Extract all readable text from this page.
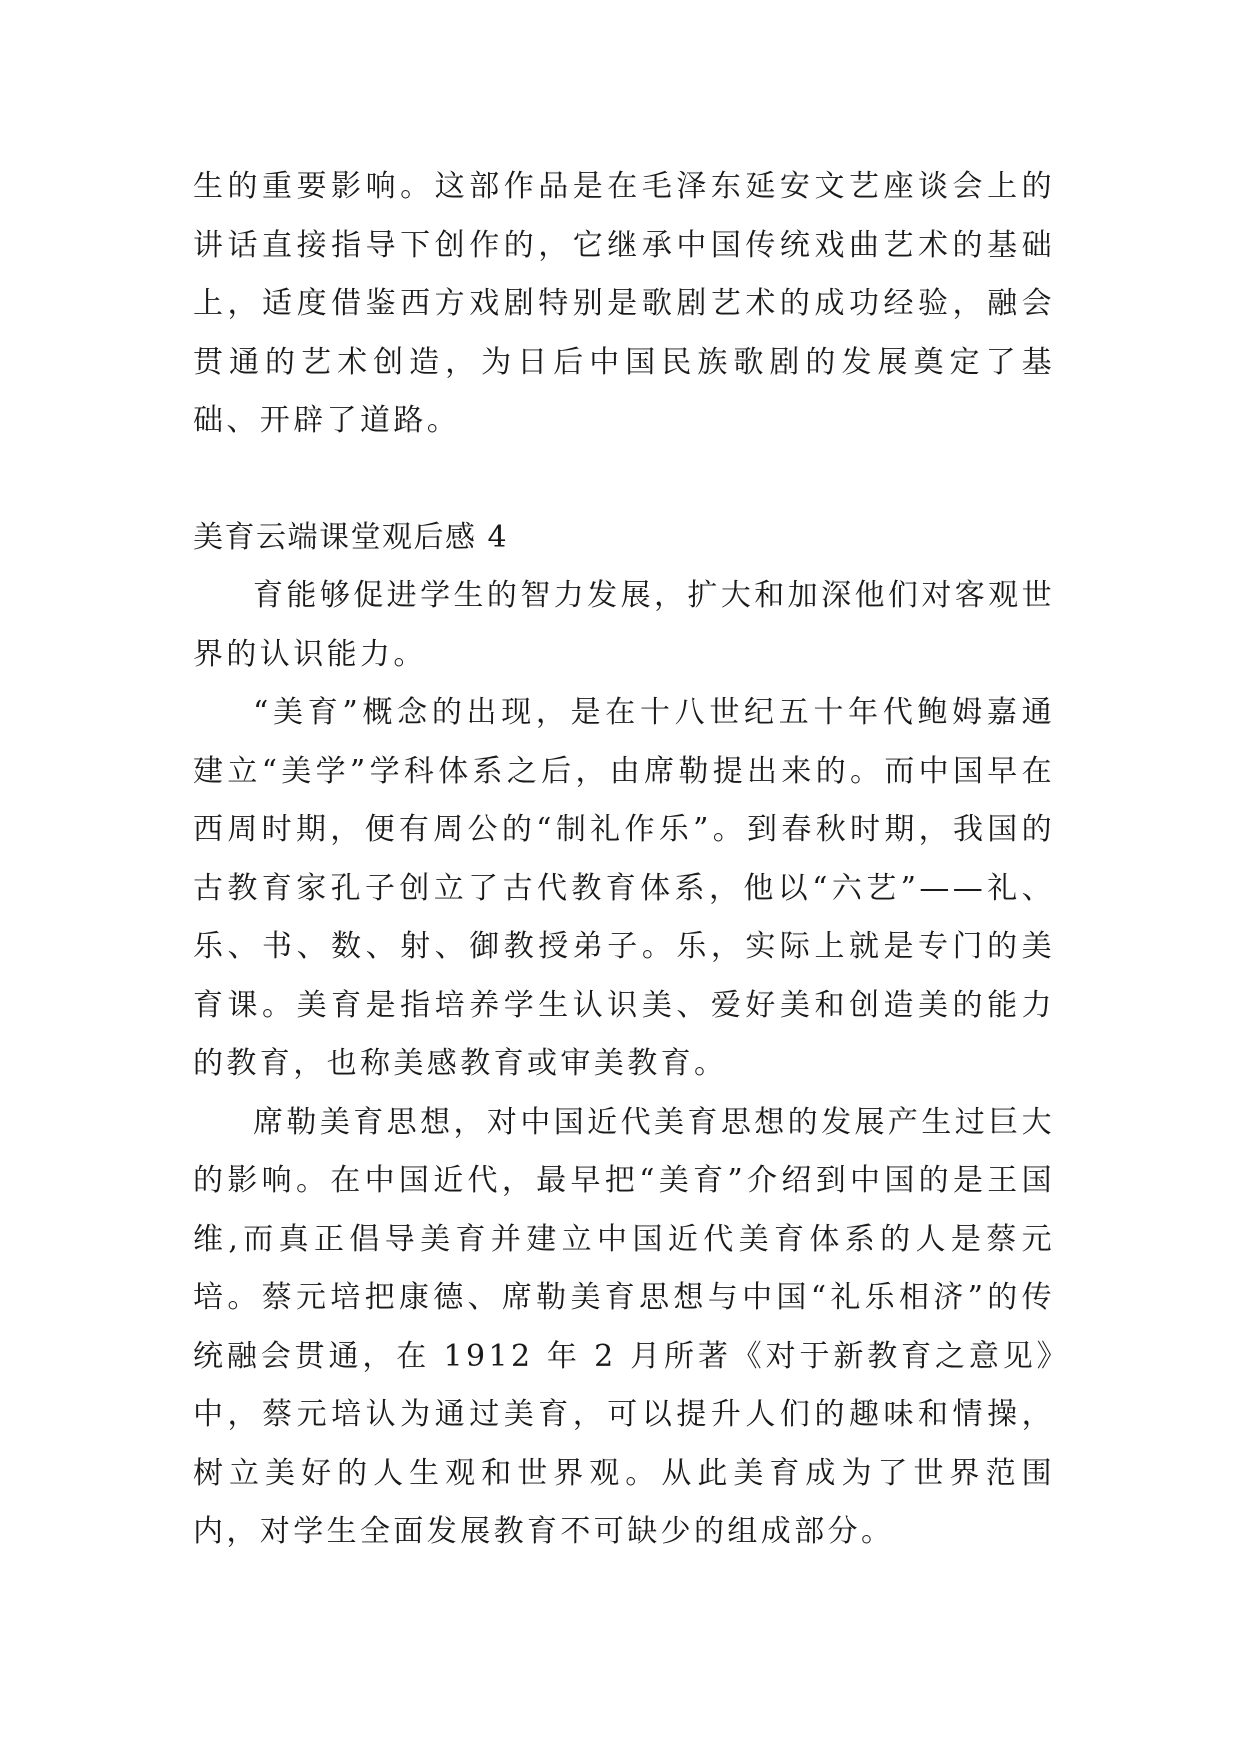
生的重要影响。这部作品是在毛泽东延安文艺座谈会上的讲话直接指导下创作的，它继承中国传统戏曲艺术的基础上，适度借鉴西方戏剧特别是歌剧艺术的成功经验，融会贯通的艺术创造，为日后中国民族歌剧的发展奠定了基础、开辟了道路。

美育云端课堂观后感 4

育能够促进学生的智力发展，扩大和加深他们对客观世界的认识能力。

“美育”概念的出现，是在十八世纪五十年代鲍姆嘉通建立“美学”学科体系之后，由席勒提出来的。而中国早在西周时期，便有周公的“制礼作乐”。到春秋时期，我国的古教育家孔子创立了古代教育体系，他以“六艺”——礼、乐、书、数、射、御教授弟子。乐，实际上就是专门的美育课。美育是指培养学生认识美、爱好美和创造美的能力的教育，也称美感教育或审美教育。

席勒美育思想，对中国近代美育思想的发展产生过巨大的影响。在中国近代，最早把“美育”介绍到中国的是王国维,而真正倡导美育并建立中国近代美育体系的人是蔡元培。蔡元培把康德、席勒美育思想与中国“礼乐相济”的传统融会贯通，在 1912 年 2 月所著《对于新教育之意见》中，蔡元培认为通过美育，可以提升人们的趣味和情操，树立美好的人生观和世界观。从此美育成为了世界范围内，对学生全面发展教育不可缺少的组成部分。
